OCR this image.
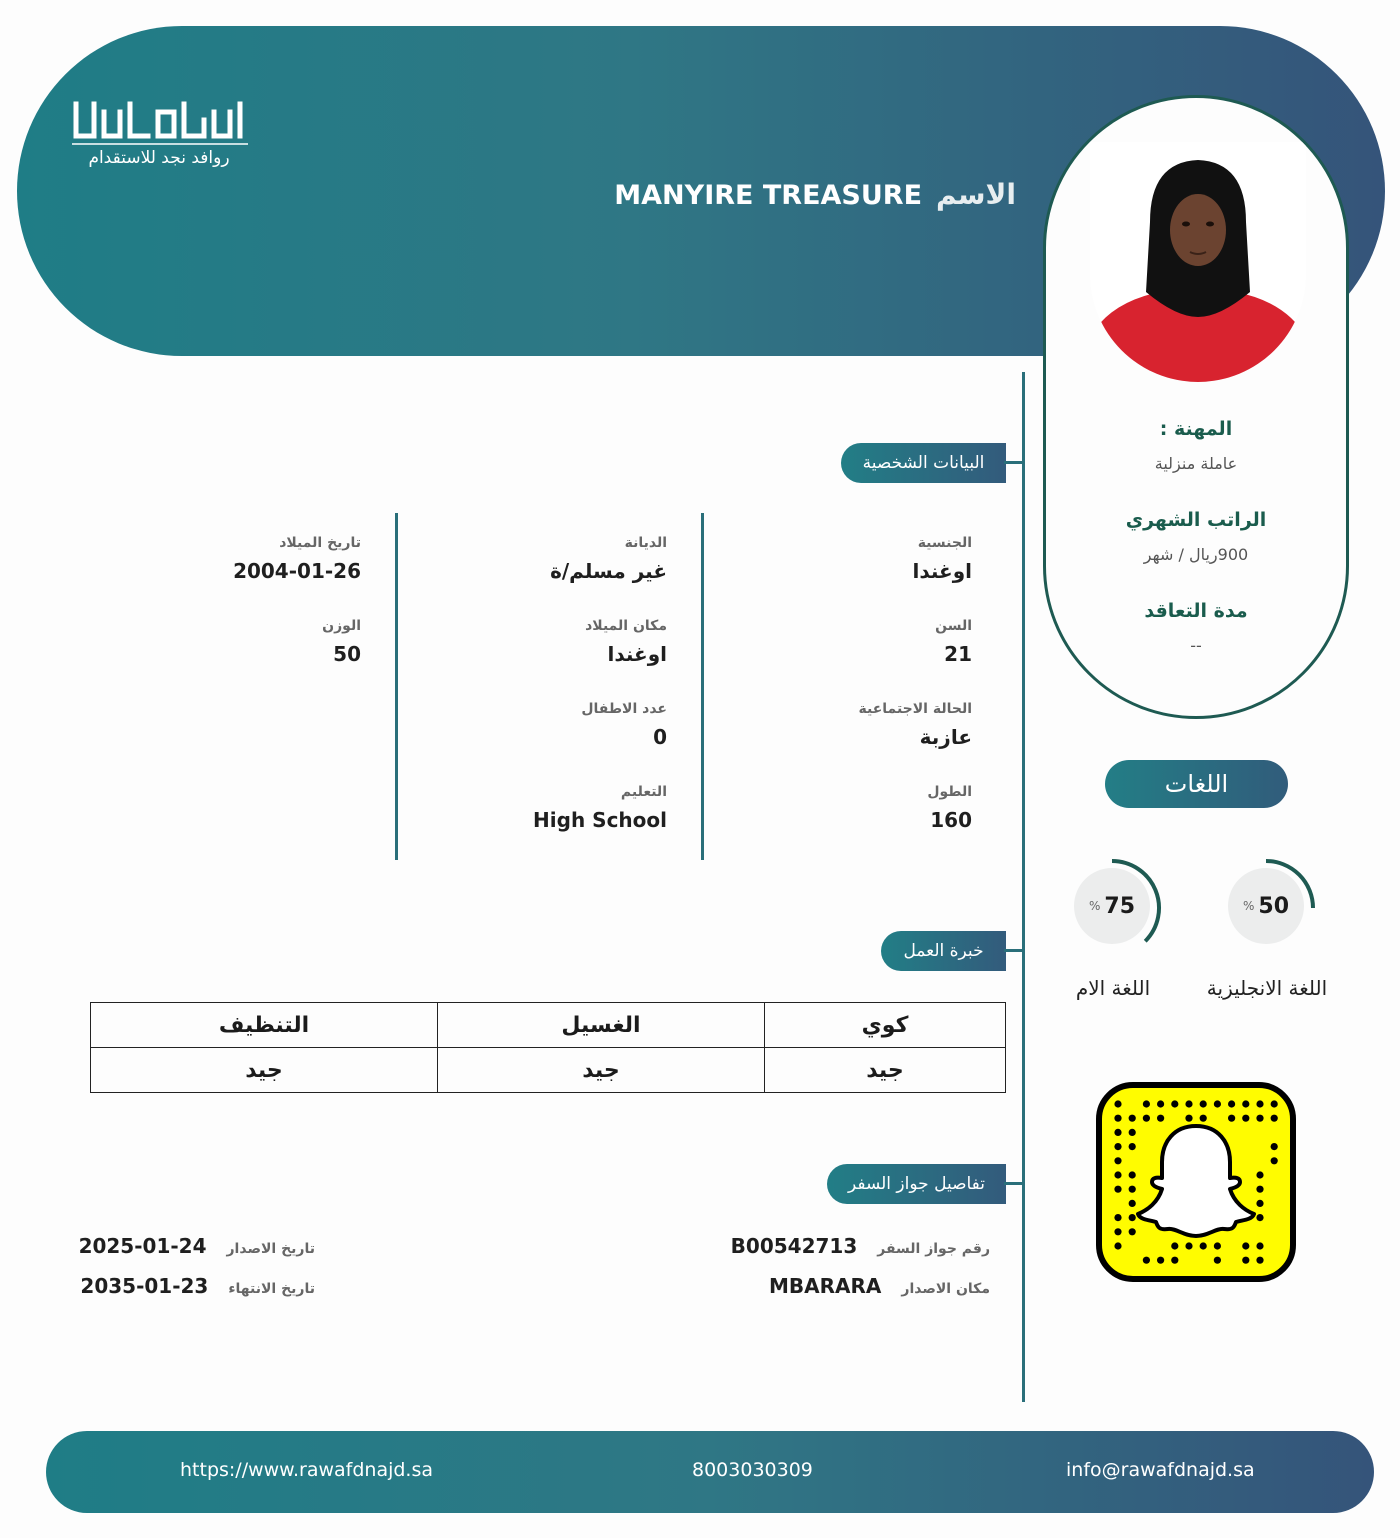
روافد نجد للاستقدام
الاسم
MANYIRE TREASURE
المهنة :
عاملة منزلية
الراتب الشهري
900ريال / شهر
مدة التعاقد
--
البيانات الشخصية
الجنسية
اوغندا
السن
21
الحالة الاجتماعية
عازبة
الطول
160
الديانة
غير مسلم/ة
مكان الميلاد
اوغندا
عدد الاطفال
0
التعليم
High School
تاريخ الميلاد
2004-01-26
الوزن
50
اللغات
% 50
اللغة الانجليزية
% 75
اللغة الام
خبرة العمل
كوي	الغسيل	التنظيف
جيد	جيد	جيد
تفاصيل جواز السفر
رقم جواز السفر
B00542713
مكان الاصدار
MBARARA
تاريخ الاصدار
2025-01-24
تاريخ الانتهاء
2035-01-23
https://www.rawafdnajd.sa	8003030309	info@rawafdnajd.sa
